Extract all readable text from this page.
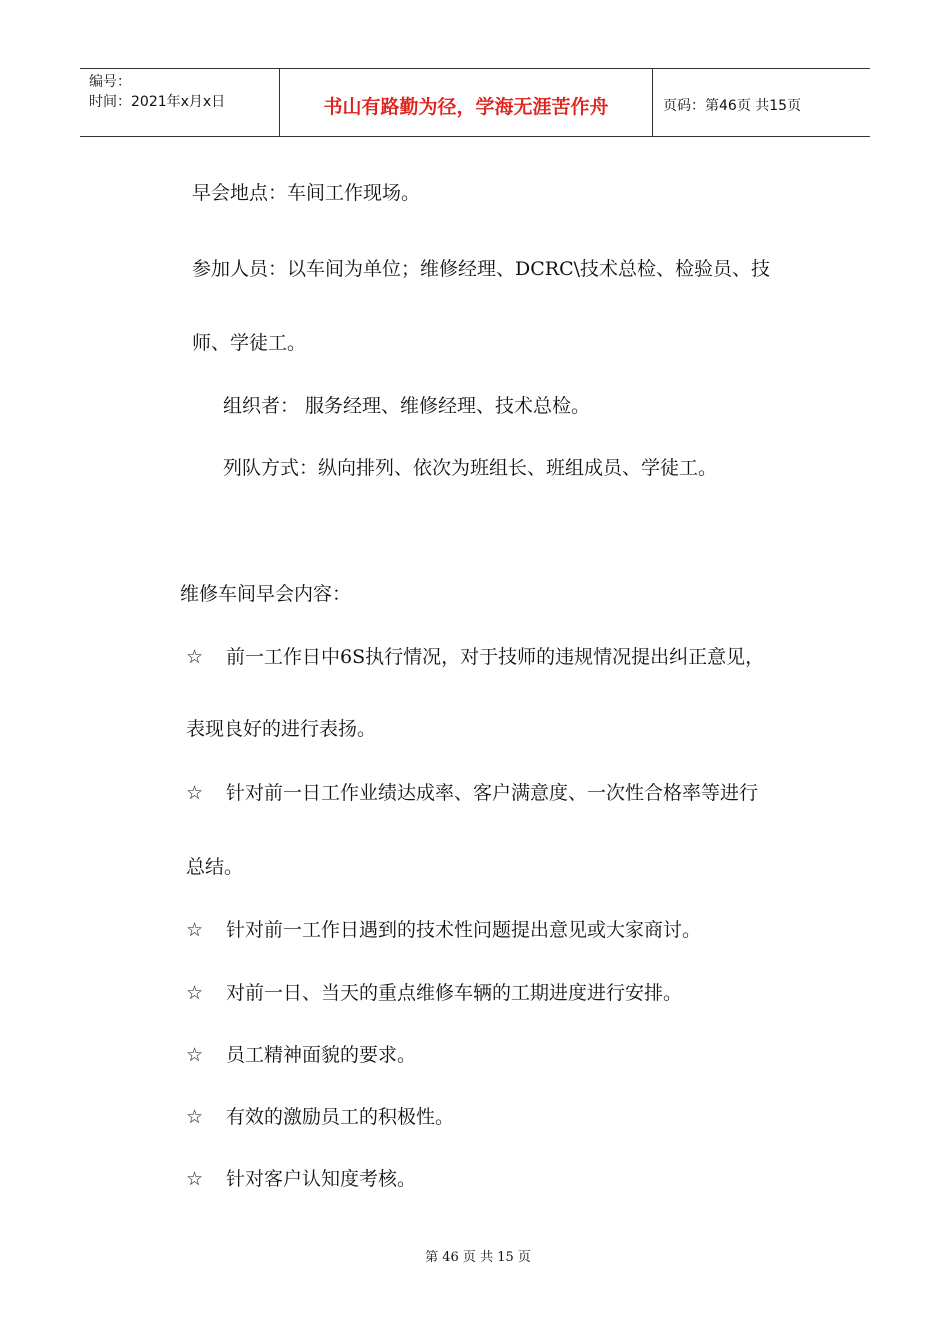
编号：
时间：2021年x月x日	书山有路勤为径，学海无涯苦作舟	页码：第46页 共15页
早会地点：车间工作现场。
参加人员：以车间为单位；维修经理、DCRC\技术总检、检验员、技
师、学徒工。
组织者： 服务经理、维修经理、技术总检。
列队方式：纵向排列、依次为班组长、班组成员、学徒工。
维修车间早会内容：
☆ 前一工作日中6S执行情况，对于技师的违规情况提出纠正意见，
表现良好的进行表扬。
☆ 针对前一日工作业绩达成率、客户满意度、一次性合格率等进行
总结。
☆ 针对前一工作日遇到的技术性问题提出意见或大家商讨。
☆ 对前一日、当天的重点维修车辆的工期进度进行安排。
☆ 员工精神面貌的要求。
☆ 有效的激励员工的积极性。
☆ 针对客户认知度考核。
第 46 页 共 15 页
